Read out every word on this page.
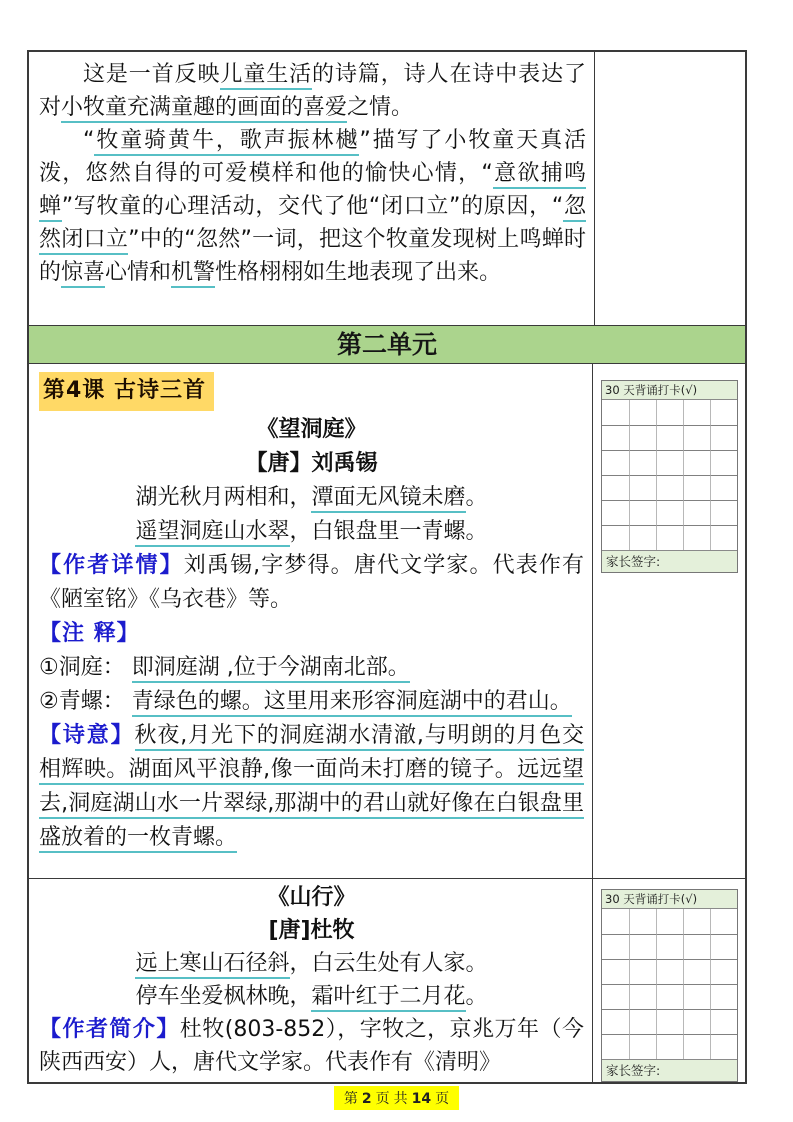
这是一首反映儿童生活的诗篇，诗人在诗中表达了对小牧童充满童趣的画面的喜爱之情。
“牧童骑黄牛，歌声振林樾”描写了小牧童天真活泼，悠然自得的可爱模样和他的愉快心情，“意欲捕鸣蝉”写牧童的心理活动，交代了他“闭口立”的原因，“忽然闭口立”中的“忽然”一词，把这个牧童发现树上鸣蝉时的惊喜心情和机警性格栩栩如生地表现了出来。
第二单元
第4课 古诗三首
《望洞庭》
【唐】刘禹锡
湖光秋月两相和，潭面无风镜未磨。
遥望洞庭山水翠，白银盘里一青螺。
【作者详情】刘禹锡,字梦得。唐代文学家。代表作有《陋室铭》《乌衣巷》等。
【注 释】
①洞庭： 即洞庭湖 ,位于今湖南北部。
②青螺： 青绿色的螺。这里用来形容洞庭湖中的君山。
【诗意】秋夜,月光下的洞庭湖水清澈,与明朗的月色交相辉映。湖面风平浪静,像一面尚未打磨的镜子。远远望去,洞庭湖山水一片翠绿,那湖中的君山就好像在白银盘里盛放着的一枚青螺。
30 天背诵打卡(√)
家长签字:
《山行》
[唐]杜牧
远上寒山石径斜，白云生处有人家。
停车坐爱枫林晚，霜叶红于二月花。
【作者简介】杜牧(803-852），字牧之，京兆万年（今陕西西安）人，唐代文学家。代表作有《清明》
30 天背诵打卡(√)
家长签字:
第 2 页 共 14 页
